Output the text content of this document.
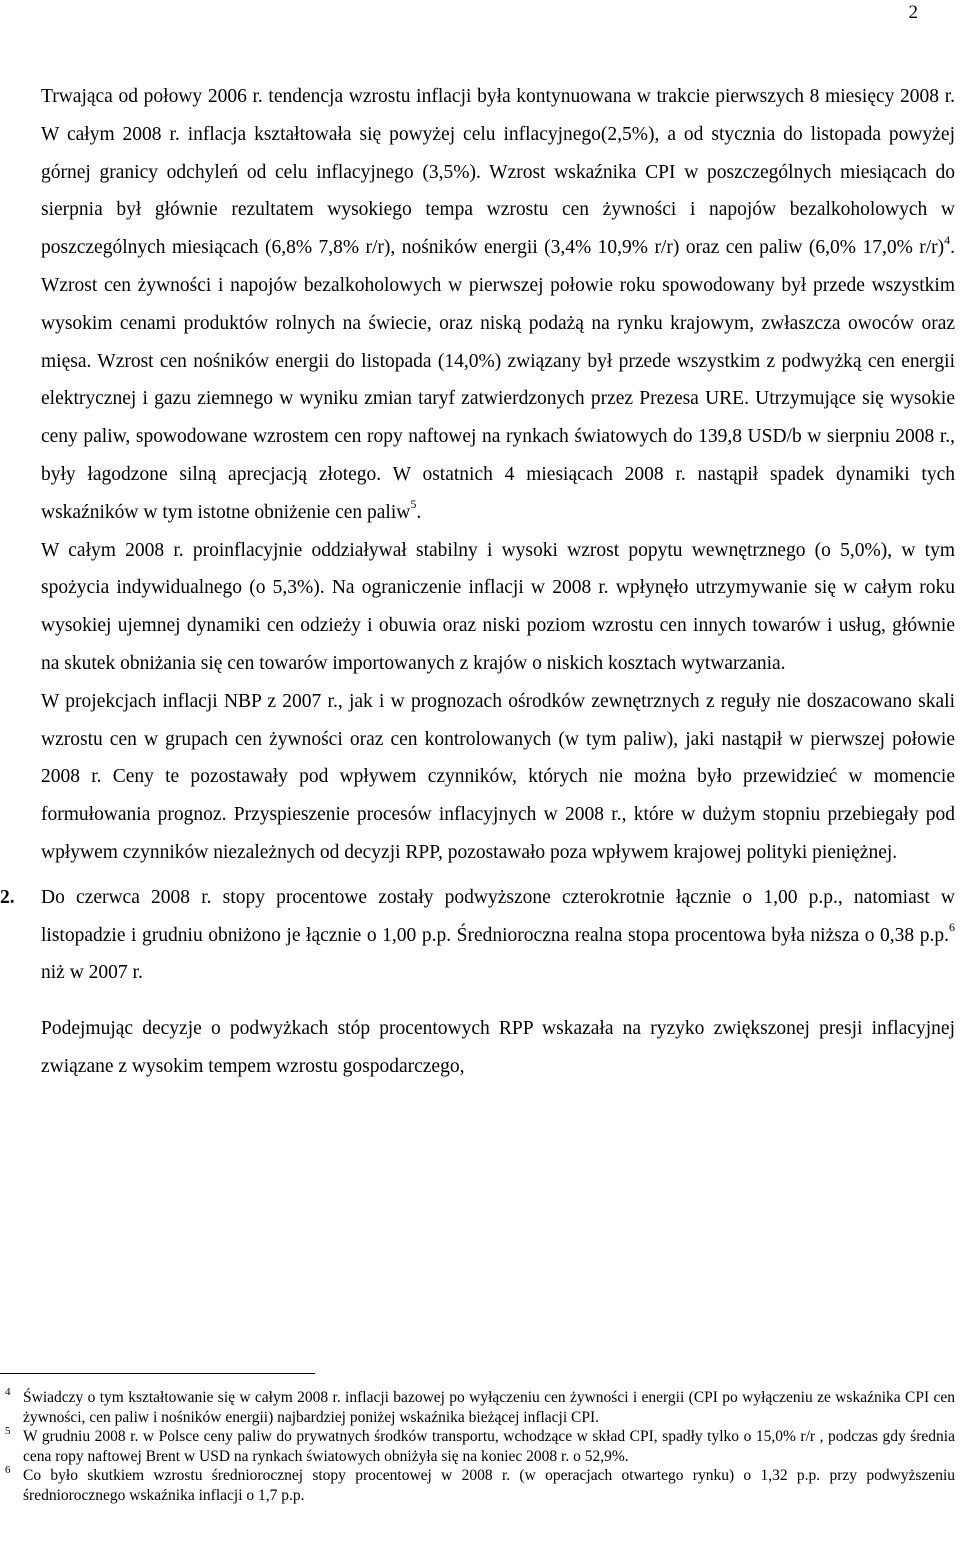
2

Trwająca od połowy 2006 r. tendencja wzrostu inflacji była kontynuowana w trakcie pierwszych 8 miesięcy 2008 r. W całym 2008 r. inflacja kształtowała się powyżej celu inflacyjnego(2,5%), a od stycznia do listopada powyżej górnej granicy odchyleń od celu inflacyjnego (3,5%). Wzrost wskaźnika CPI w poszczególnych miesiącach do sierpnia był głównie rezultatem wysokiego tempa wzrostu cen żywności i napojów bezalkoholowych w poszczególnych miesiącach (6,8% 7,8% r/r), nośników energii (3,4% 10,9% r/r) oraz cen paliw (6,0% 17,0% r/r)$^4$. Wzrost cen żywności i napojów bezalkoholowych w pierwszej połowie roku spowodowany był przede wszystkim wysokim cenami produktów rolnych na świecie, oraz niską podażą na rynku krajowym, zwłaszcza owoców oraz mięsa. Wzrost cen nośników energii do listopada (14,0%) związany był przede wszystkim z podwyżką cen energii elektrycznej i gazu ziemnego w wyniku zmian taryf zatwierdzonych przez Prezesa URE. Utrzymujące się wysokie ceny paliw, spowodowane wzrostem cen ropy naftowej na rynkach światowych do 139,8 USD/b w sierpniu 2008 r., były łagodzone silną aprecjacją złotego. W ostatnich 4 miesiącach 2008 r. nastąpił spadek dynamiki tych wskaźników w tym istotne obniżenie cen paliw$^5$.

W całym 2008 r. proinflacyjnie oddziaływał stabilny i wysoki wzrost popytu wewnętrznego (o 5,0%), w tym spożycia indywidualnego (o 5,3%). Na ograniczenie inflacji w 2008 r. wpłynęło utrzymywanie się w całym roku wysokiej ujemnej dynamiki cen odzieży i obuwia oraz niski poziom wzrostu cen innych towarów i usług, głównie na skutek obniżania się cen towarów importowanych z krajów o niskich kosztach wytwarzania.

W projekcjach inflacji NBP z 2007 r., jak i w prognozach ośrodków zewnętrznych z reguły nie doszacowano skali wzrostu cen w grupach cen żywności oraz cen kontrolowanych (w tym paliw), jaki nastąpił w pierwszej połowie 2008 r. Ceny te pozostawały pod wpływem czynników, których nie można było przewidzieć w momencie formułowania prognoz. Przyspieszenie procesów inflacyjnych w 2008 r., które w dużym stopniu przebiegały pod wpływem czynników niezależnych od decyzji RPP, pozostawało poza wpływem krajowej polityki pieniężnej.

2. Do czerwca 2008 r. stopy procentowe zostały podwyższone czterokrotnie łącznie o 1,00 p.p., natomiast w listopadzie i grudniu obniżono je łącznie o 1,00 p.p. Średnioroczna realna stopa procentowa była niższa o 0,38 p.p.$^6$ niż w 2007 r.

Podejmując decyzje o podwyżkach stóp procentowych RPP wskazała na ryzyko zwiększonej presji inflacyjnej związane z wysokim tempem wzrostu gospodarczego,

4 Świadczy o tym kształtowanie się w całym 2008 r. inflacji bazowej po wyłączeniu cen żywności i energii (CPI po wyłączeniu ze wskaźnika CPI cen żywności, cen paliw i nośników energii) najbardziej poniżej wskaźnika bieżącej inflacji CPI.
5 W grudniu 2008 r. w Polsce ceny paliw do prywatnych środków transportu, wchodzące w skład CPI, spadły tylko o 15,0% r/r , podczas gdy średnia cena ropy naftowej Brent w USD na rynkach światowych obniżyła się na koniec 2008 r. o 52,9%.
6 Co było skutkiem wzrostu średniorocznej stopy procentowej w 2008 r. (w operacjach otwartego rynku) o 1,32 p.p. przy podwyższeniu średniorocznego wskaźnika inflacji o 1,7 p.p.
